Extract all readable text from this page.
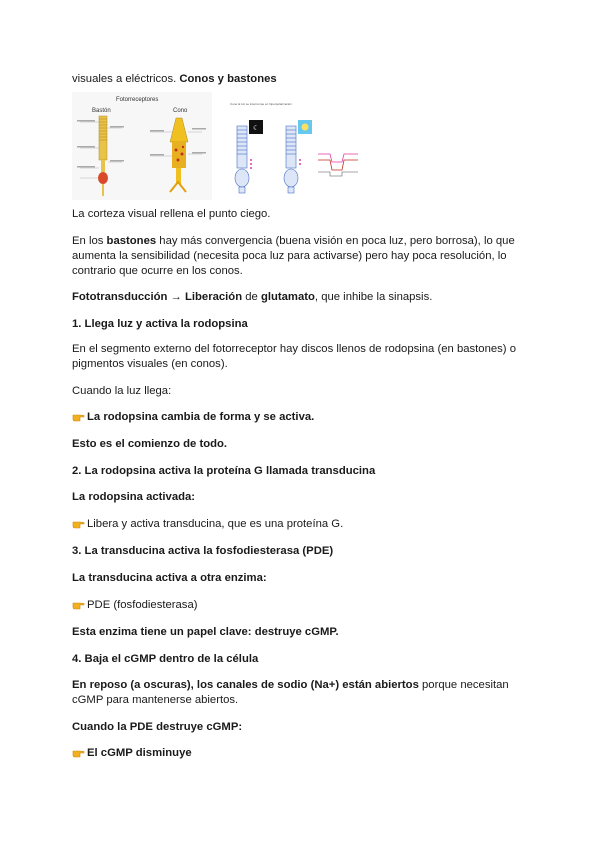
visuales a eléctricos. Conos y bastones

Fotorreceptores
Bastón	Cono
Cone la luz se interrumpe en hiperpolarización
☾

La corteza visual rellena el punto ciego.

En los bastones hay más convergencia (buena visión en poca luz, pero borrosa), lo que aumenta la sensibilidad (necesita poca luz para activarse) pero hay poca resolución, lo contrario que ocurre en los conos.

Fototransducción → Liberación de glutamato, que inhibe la sinapsis.

1. Llega luz y activa la rodopsina

En el segmento externo del fotorreceptor hay discos llenos de rodopsina (en bastones) o pigmentos visuales (en conos).

Cuando la luz llega:

La rodopsina cambia de forma y se activa.

Esto es el comienzo de todo.

2. La rodopsina activa la proteína G llamada transducina

La rodopsina activada:

Libera y activa transducina, que es una proteína G.

3. La transducina activa la fosfodiesterasa (PDE)

La transducina activa a otra enzima:

PDE (fosfodiesterasa)

Esta enzima tiene un papel clave: destruye cGMP.

4. Baja el cGMP dentro de la célula

En reposo (a oscuras), los canales de sodio (Na+) están abiertos porque necesitan cGMP para mantenerse abiertos.

Cuando la PDE destruye cGMP:

El cGMP disminuye
